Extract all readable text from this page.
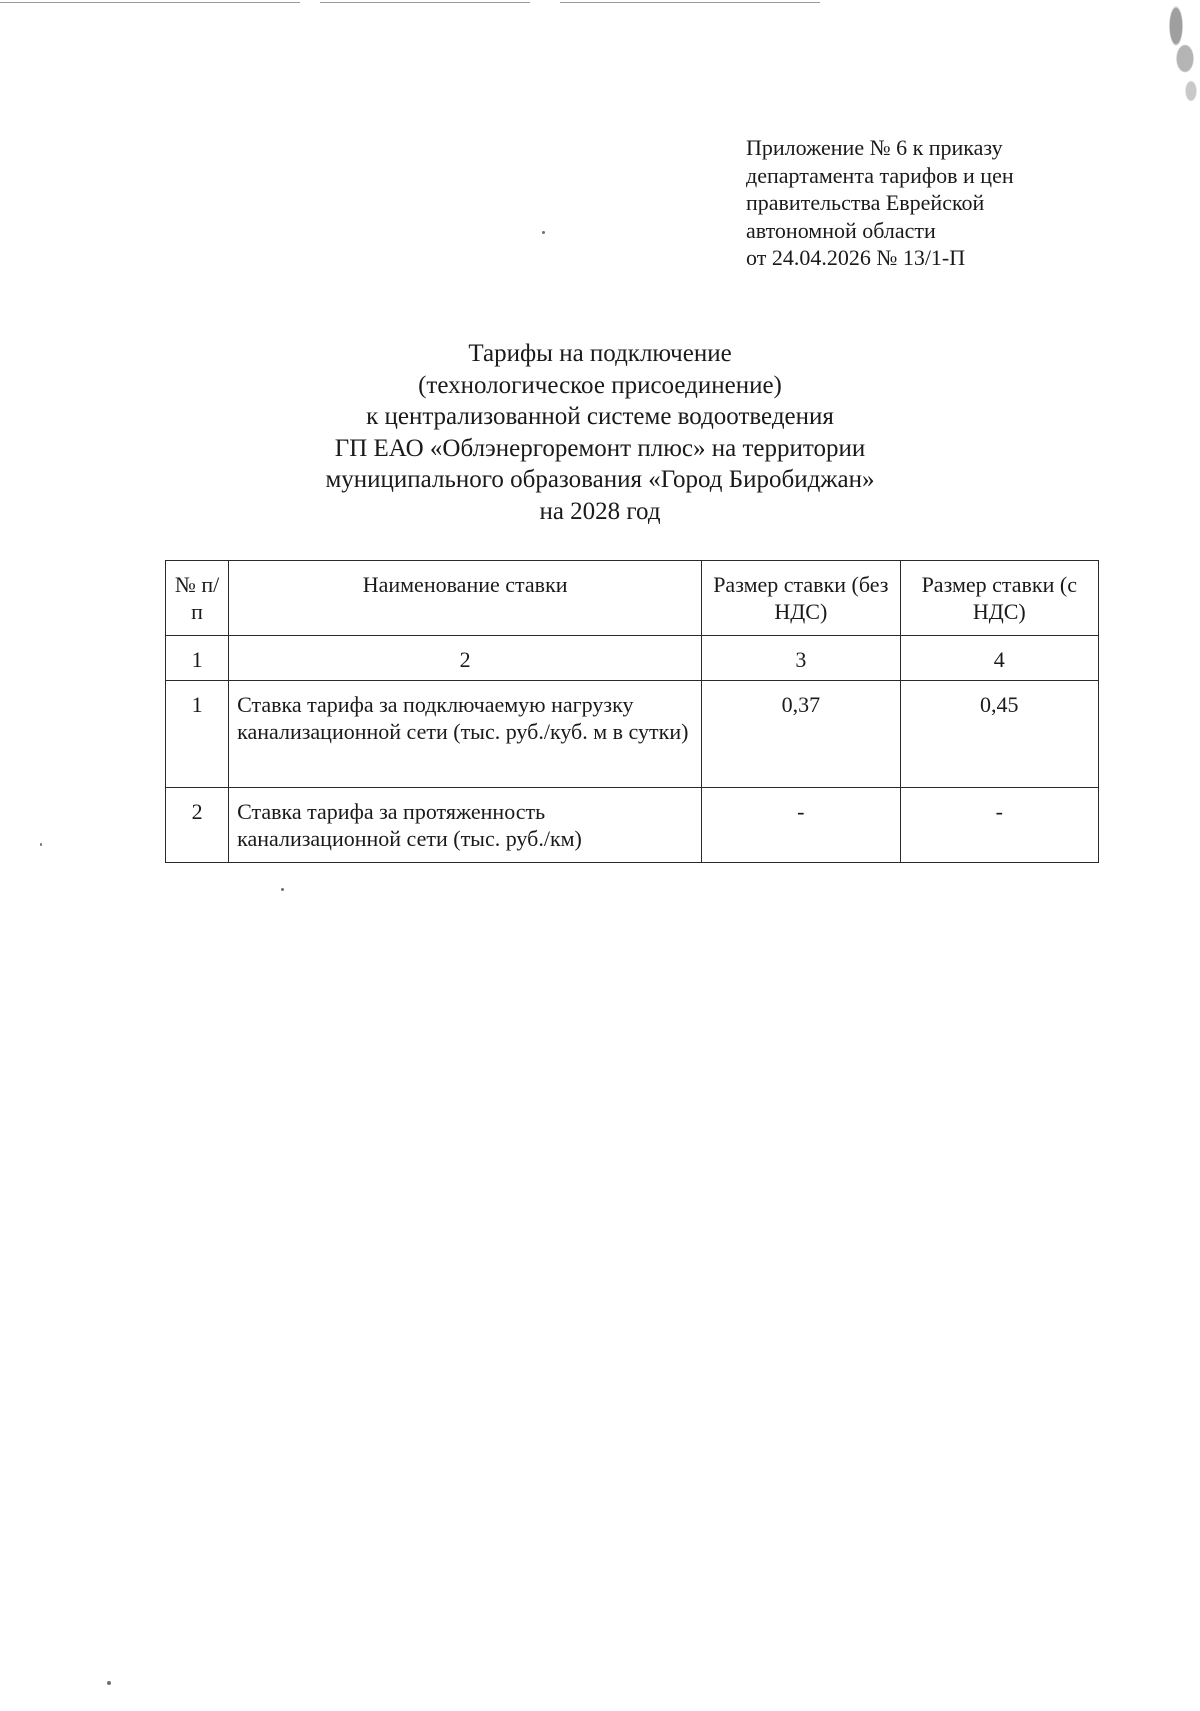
Приложение № 6 к приказу
департамента тарифов и цен
правительства Еврейской
автономной области
от 24.04.2026 № 13/1-П
Тарифы на подключение
(технологическое присоединение)
к централизованной системе водоотведения
ГП ЕАО «Облэнергоремонт плюс» на территории
муниципального образования «Город Биробиджан»
на 2028 год
№ п/п	Наименование ставки	Размер ставки (без НДС)	Размер ставки (с НДС)
1	2	3	4
1	Ставка тарифа за подключаемую нагрузку канализационной сети (тыс. руб./куб. м в сутки)	0,37	0,45
2	Ставка тарифа за протяженность канализационной сети (тыс. руб./км)	-	-
